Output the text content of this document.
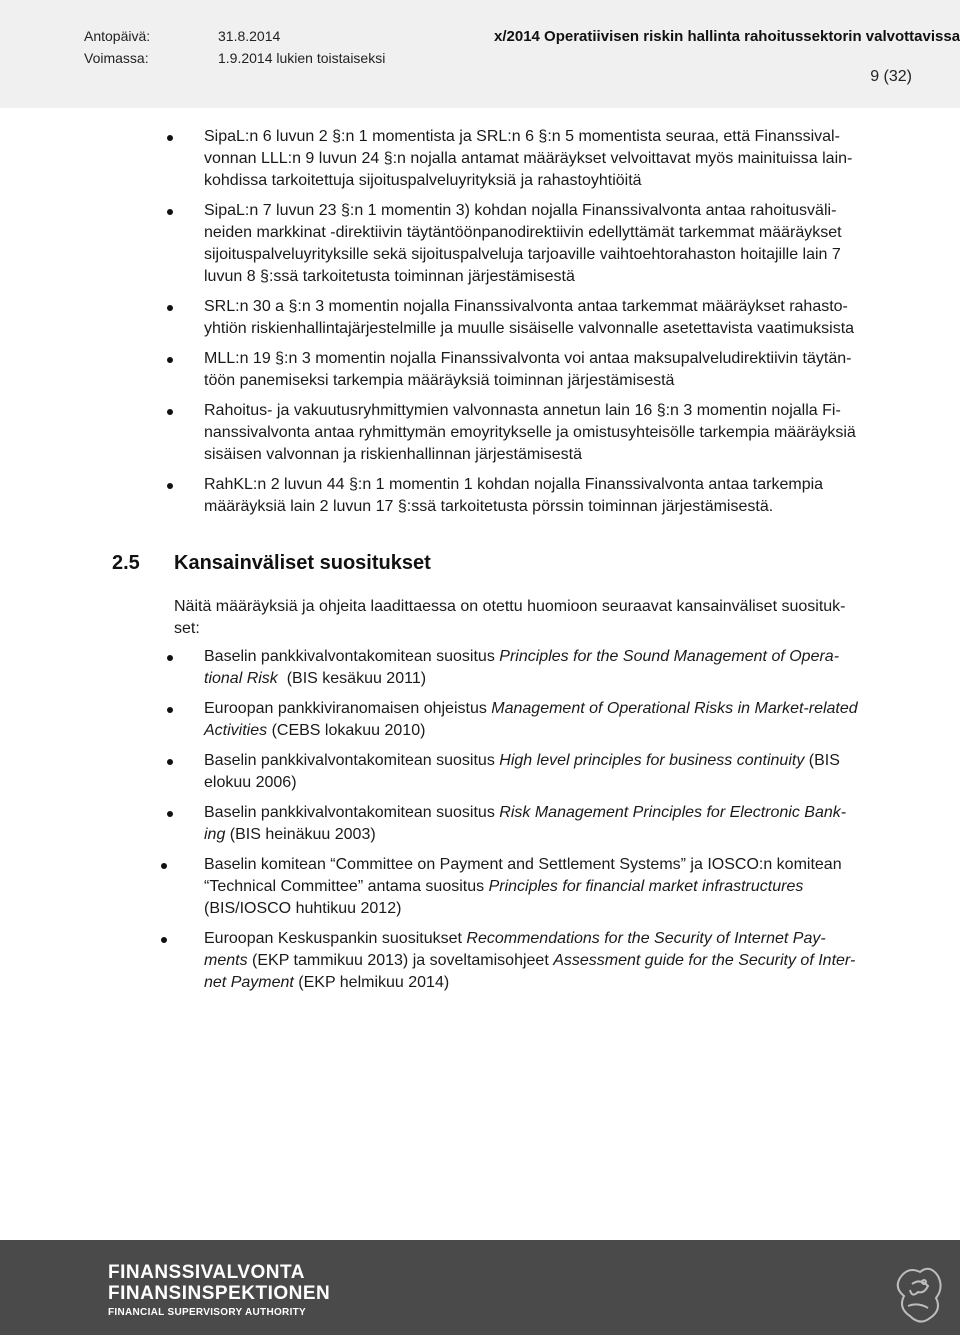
Antopäivä:	31.8.2014
Voimassa:	1.9.2014 lukien toistaiseksi
x/2014 Operatiivisen riskin hallinta rahoitussektorin valvottavissa
9 (32)
SipaL:n 6 luvun 2 §:n 1 momentista ja SRL:n 6 §:n 5 momentista seuraa, että Finanssival-
vonnan LLL:n 9 luvun 24 §:n nojalla antamat määräykset velvoittavat myös mainituissa lain-
kohdissa tarkoitettuja sijoituspalveluyrityksiä ja rahastoyhtiöitä
SipaL:n 7 luvun 23 §:n 1 momentin 3) kohdan nojalla Finanssivalvonta antaa rahoitusväli-
neiden markkinat -direktiivin täytäntöönpanodirektiivin edellyttämät tarkemmat määräykset
sijoituspalveluyrityksille sekä sijoituspalveluja tarjoaville vaihtoehtorahaston hoitajille lain 7
luvun 8 §:ssä tarkoitetusta toiminnan järjestämisestä
SRL:n 30 a §:n 3 momentin nojalla Finanssivalvonta antaa tarkemmat määräykset rahasto-
yhtiön riskienhallintajärjestelmille ja muulle sisäiselle valvonnalle asetettavista vaatimuksista
MLL:n 19 §:n 3 momentin nojalla Finanssivalvonta voi antaa maksupalveludirektiivin täytän-
töön panemiseksi tarkempia määräyksiä toiminnan järjestämisestä
Rahoitus- ja vakuutusryhmittymien valvonnasta annetun lain 16 §:n 3 momentin nojalla Fi-
nanssivalvonta antaa ryhmittymän emoyritykselle ja omistusyhteisölle tarkempia määräyksiä
sisäisen valvonnan ja riskienhallinnan järjestämisestä
RahKL:n 2 luvun 44 §:n 1 momentin 1 kohdan nojalla Finanssivalvonta antaa tarkempia
määräyksiä lain 2 luvun 17 §:ssä tarkoitetusta pörssin toiminnan järjestämisestä.
2.5 Kansainväliset suositukset
Näitä määräyksiä ja ohjeita laadittaessa on otettu huomioon seuraavat kansainväliset suosituk-
set:
Baselin pankkivalvontakomitean suositus Principles for the Sound Management of Opera-
tional Risk  (BIS kesäkuu 2011)
Euroopan pankkiviranomaisen ohjeistus Management of Operational Risks in Market-related
Activities (CEBS lokakuu 2010)
Baselin pankkivalvontakomitean suositus High level principles for business continuity (BIS
elokuu 2006)
Baselin pankkivalvontakomitean suositus Risk Management Principles for Electronic Bank-
ing (BIS heinäkuu 2003)
Baselin komitean “Committee on Payment and Settlement Systems” ja IOSCO:n komitean
“Technical Committee” antama suositus Principles for financial market infrastructures
(BIS/IOSCO huhtikuu 2012)
Euroopan Keskuspankin suositukset Recommendations for the Security of Internet Pay-
ments (EKP tammikuu 2013) ja soveltamisohjeet Assessment guide for the Security of Inter-
net Payment (EKP helmikuu 2014)
FINANSSIVALVONTA
FINANSINSPEKTIONEN
FINANCIAL SUPERVISORY AUTHORITY
